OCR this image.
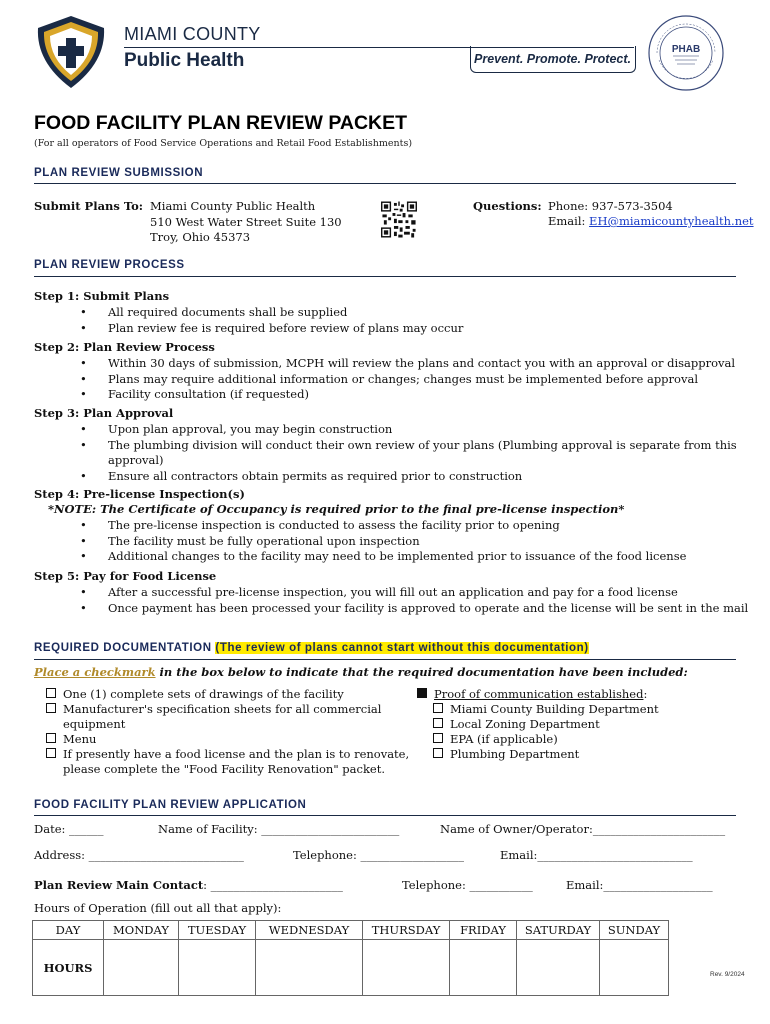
MIAMI COUNTY
Public Health	Prevent. Promote. Protect.
PHAB
FOOD FACILITY PLAN REVIEW PACKET
(For all operators of Food Service Operations and Retail Food Establishments)
PLAN REVIEW SUBMISSION
Submit Plans To: Miami County Public Health
510 West Water Street Suite 130
Troy, Ohio 45373
Questions: Phone: 937-573-3504
Email: EH@miamicountyhealth.net
PLAN REVIEW PROCESS
Step 1: Submit Plans
• All required documents shall be supplied
• Plan review fee is required before review of plans may occur
Step 2: Plan Review Process
• Within 30 days of submission, MCPH will review the plans and contact you with an approval or disapproval
• Plans may require additional information or changes; changes must be implemented before approval
• Facility consultation (if requested)
Step 3: Plan Approval
• Upon plan approval, you may begin construction
• The plumbing division will conduct their own review of your plans (Plumbing approval is separate from this
approval)
• Ensure all contractors obtain permits as required prior to construction
Step 4: Pre-license Inspection(s)
*NOTE: The Certificate of Occupancy is required prior to the final pre-license inspection*
• The pre-license inspection is conducted to assess the facility prior to opening
• The facility must be fully operational upon inspection
• Additional changes to the facility may need to be implemented prior to issuance of the food license
Step 5: Pay for Food License
• After a successful pre-license inspection, you will fill out an application and pay for a food license
• Once payment has been processed your facility is approved to operate and the license will be sent in the mail
REQUIRED DOCUMENTATION (The review of plans cannot start without this documentation)
Place a checkmark in the box below to indicate that the required documentation have been included:
One (1) complete sets of drawings of the facility
Manufacturer's specification sheets for all commercial
equipment
Menu
If presently have a food license and the plan is to renovate,
please complete the "Food Facility Renovation" packet.
Proof of communication established:
Miami County Building Department
Local Zoning Department
EPA (if applicable)
Plumbing Department
FOOD FACILITY PLAN REVIEW APPLICATION
Date: ______	Name of Facility: ________________________	Name of Owner/Operator:_______________________
Address: ___________________________	Telephone: __________________	Email:___________________________
Plan Review Main Contact: _______________________	Telephone: ___________	Email:___________________
Hours of Operation (fill out all that apply):
DAY	MONDAY	TUESDAY	WEDNESDAY	THURSDAY	FRIDAY	SATURDAY	SUNDAY
HOURS								Rev. 9/2024
